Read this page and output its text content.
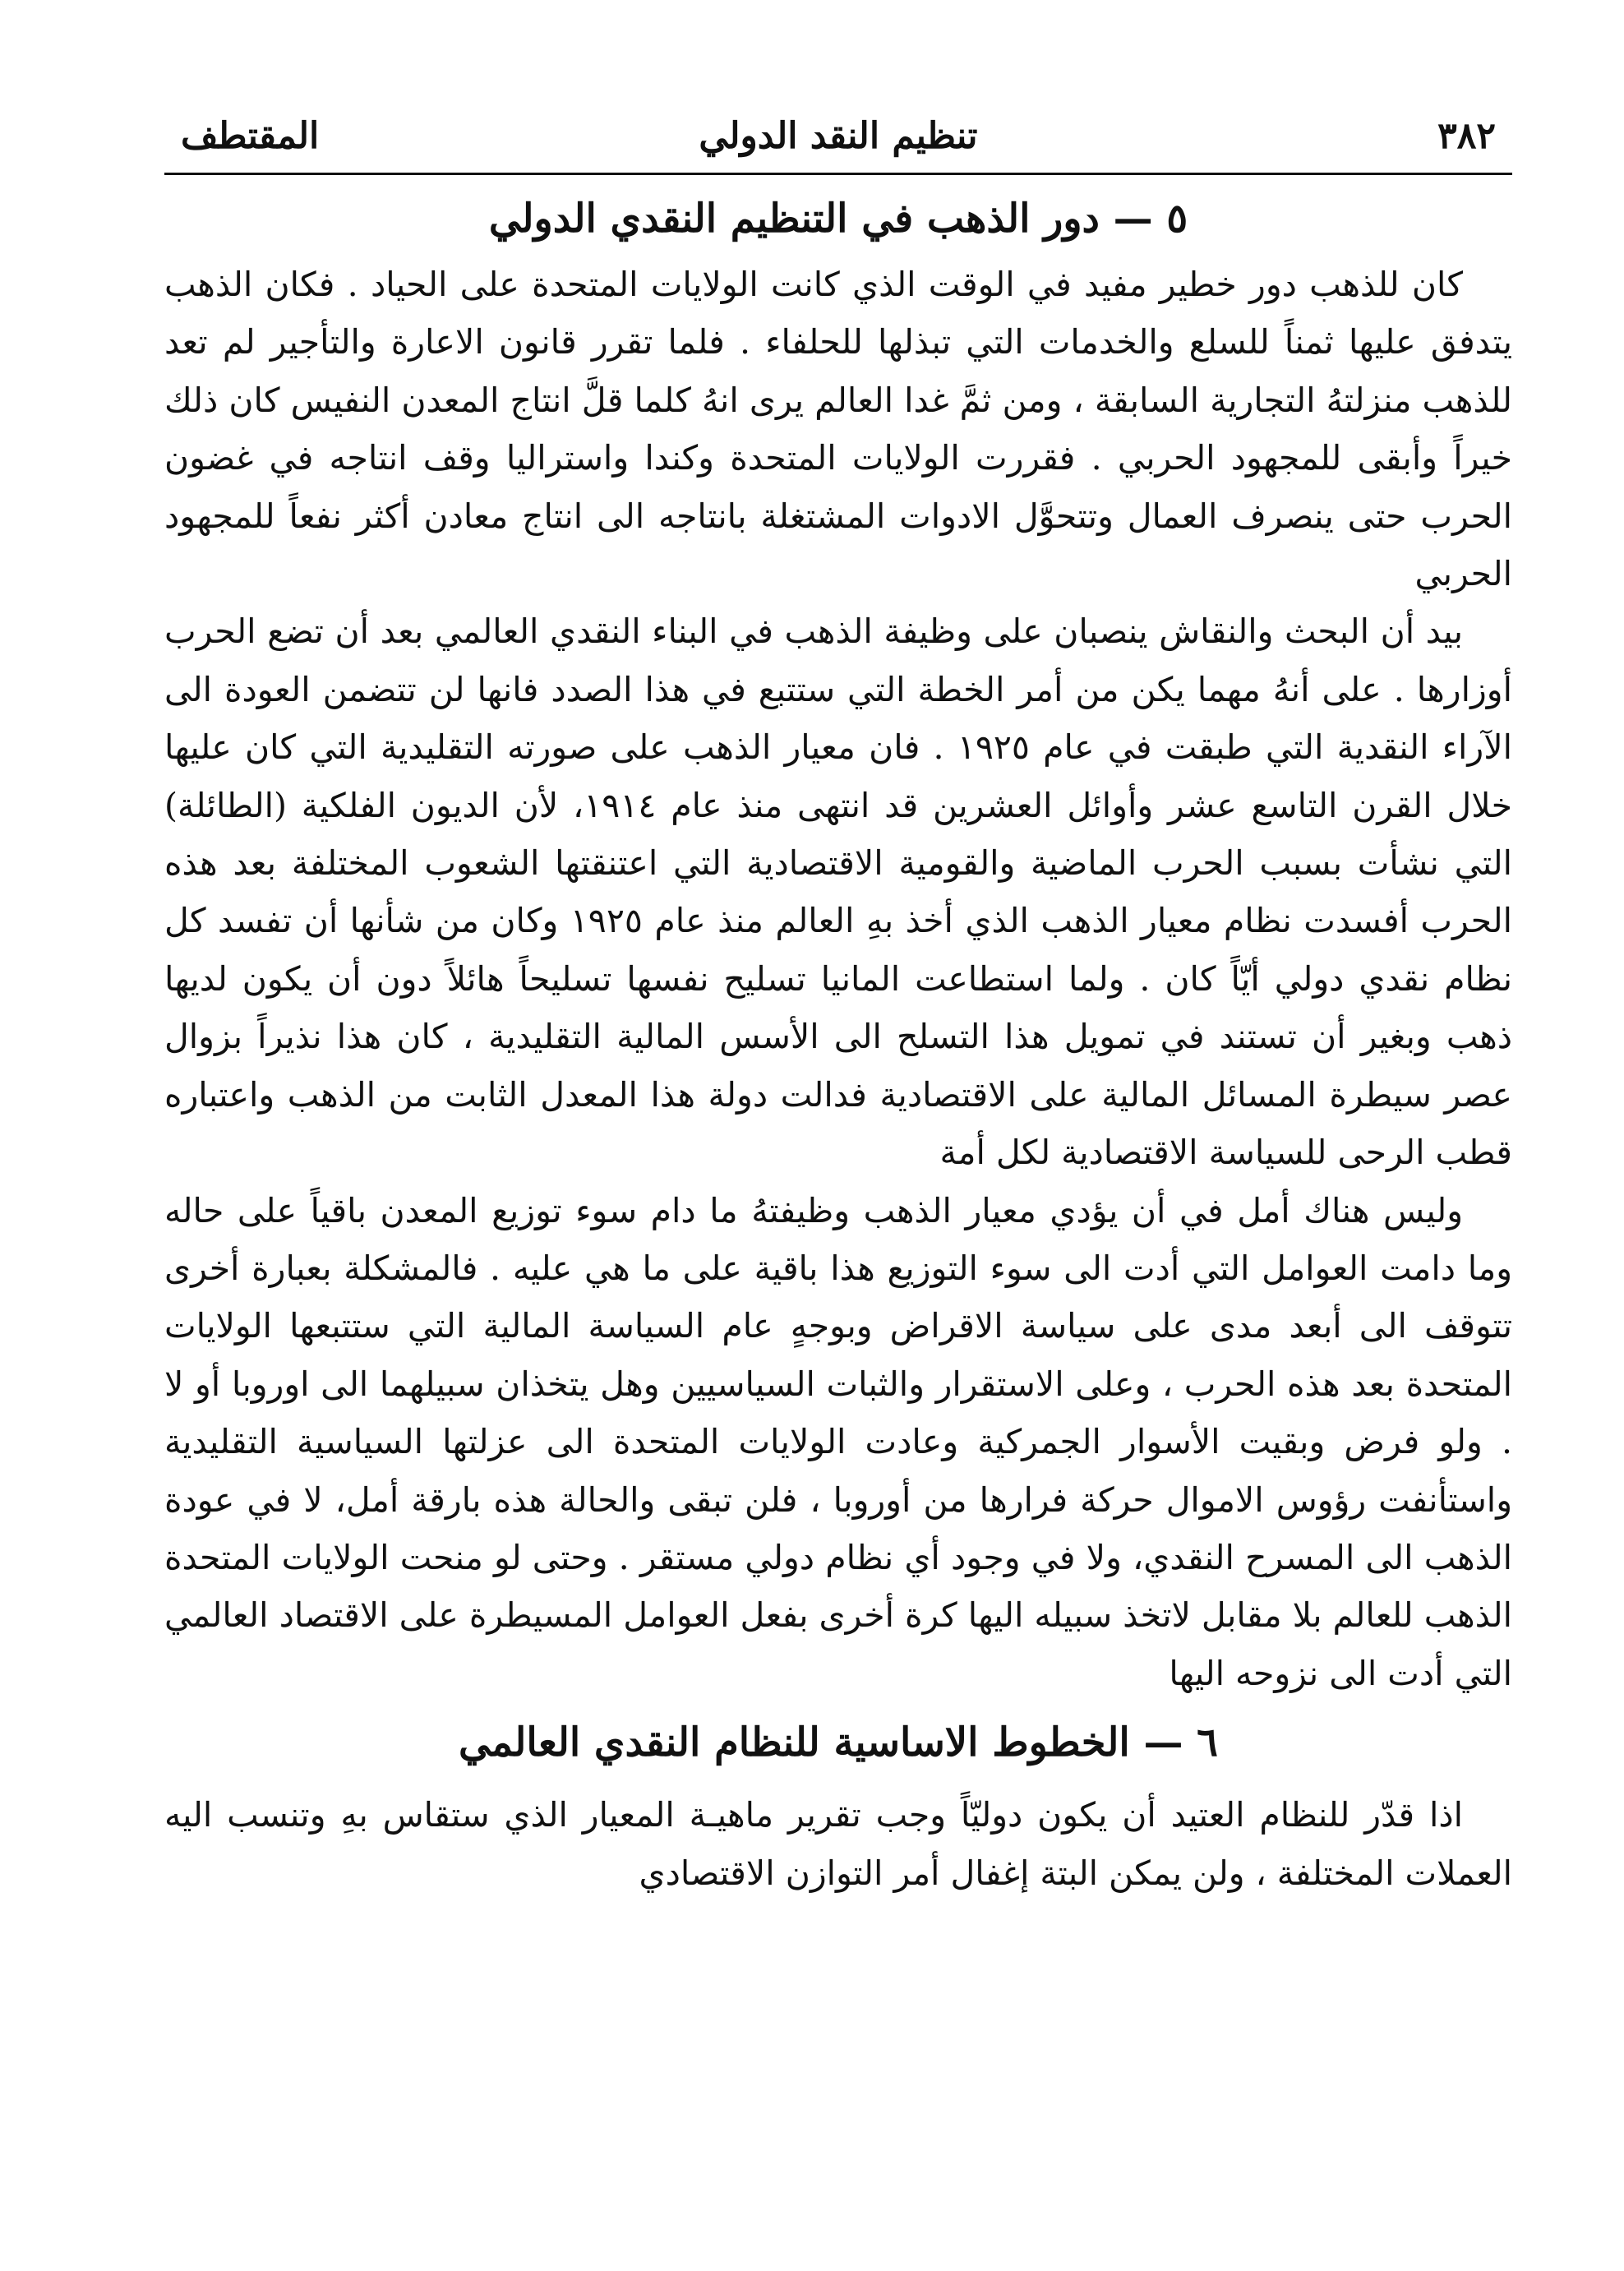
٣٨٢
تنظيم النقد الدولي
المقتطف
٥ — دور الذهب في التنظيم النقدي الدولي

كان للذهب دور خطير مفيد في الوقت الذي كانت الولايات المتحدة على الحياد . فكان الذهب يتدفق عليها ثمناً للسلع والخدمات التي تبذلها للحلفاء . فلما تقرر قانون الاعارة والتأجير لم تعد للذهب منزلتهُ التجارية السابقة ، ومن ثمَّ غدا العالم يرى انهُ كلما قلَّ انتاج المعدن النفيس كان ذلك خيراً وأبقى للمجهود الحربي . فقررت الولايات المتحدة وكندا واستراليا وقف انتاجه في غضون الحرب حتى ينصرف العمال وتتحوَّل الادوات المشتغلة بانتاجه الى انتاج معادن أكثر نفعاً للمجهود الحربي

بيد أن البحث والنقاش ينصبان على وظيفة الذهب في البناء النقدي العالمي بعد أن تضع الحرب أوزارها . على أنهُ مهما يكن من أمر الخطة التي ستتبع في هذا الصدد فانها لن تتضمن العودة الى الآراء النقدية التي طبقت في عام ١٩٢٥ . فان معيار الذهب على صورته التقليدية التي كان عليها خلال القرن التاسع عشر وأوائل العشرين قد انتهى منذ عام ١٩١٤، لأن الديون الفلكية (الطائلة) التي نشأت بسبب الحرب الماضية والقومية الاقتصادية التي اعتنقتها الشعوب المختلفة بعد هذه الحرب أفسدت نظام معيار الذهب الذي أخذ بهِ العالم منذ عام ١٩٢٥ وكان من شأنها أن تفسد كل نظام نقدي دولي أيّاً كان . ولما استطاعت المانيا تسليح نفسها تسليحاً هائلاً دون أن يكون لديها ذهب وبغير أن تستند في تمويل هذا التسلح الى الأسس المالية التقليدية ، كان هذا نذيراً بزوال عصر سيطرة المسائل المالية على الاقتصادية فدالت دولة هذا المعدل الثابت من الذهب واعتباره قطب الرحى للسياسة الاقتصادية لكل أمة

وليس هناك أمل في أن يؤدي معيار الذهب وظيفتهُ ما دام سوء توزيع المعدن باقياً على حاله وما دامت العوامل التي أدت الى سوء التوزيع هذا باقية على ما هي عليه . فالمشكلة بعبارة أخرى تتوقف الى أبعد مدى على سياسة الاقراض وبوجهٍ عام السياسة المالية التي ستتبعها الولايات المتحدة بعد هذه الحرب ، وعلى الاستقرار والثبات السياسيين وهل يتخذان سبيلهما الى اوروبا أو لا . ولو فرض وبقيت الأسوار الجمركية وعادت الولايات المتحدة الى عزلتها السياسية التقليدية واستأنفت رؤوس الاموال حركة فرارها من أوروبا ، فلن تبقى والحالة هذه بارقة أمل، لا في عودة الذهب الى المسرح النقدي، ولا في وجود أي نظام دولي مستقر . وحتى لو منحت الولايات المتحدة الذهب للعالم بلا مقابل لاتخذ سبيله اليها كرة أخرى بفعل العوامل المسيطرة على الاقتصاد العالمي التي أدت الى نزوحه اليها

٦ — الخطوط الاساسية للنظام النقدي العالمي

اذا قدّر للنظام العتيد أن يكون دوليّاً وجب تقرير ماهيـة المعيار الذي ستقاس بهِ وتنسب اليه العملات المختلفة ، ولن يمكن البتة إغفال أمر التوازن الاقتصادي
